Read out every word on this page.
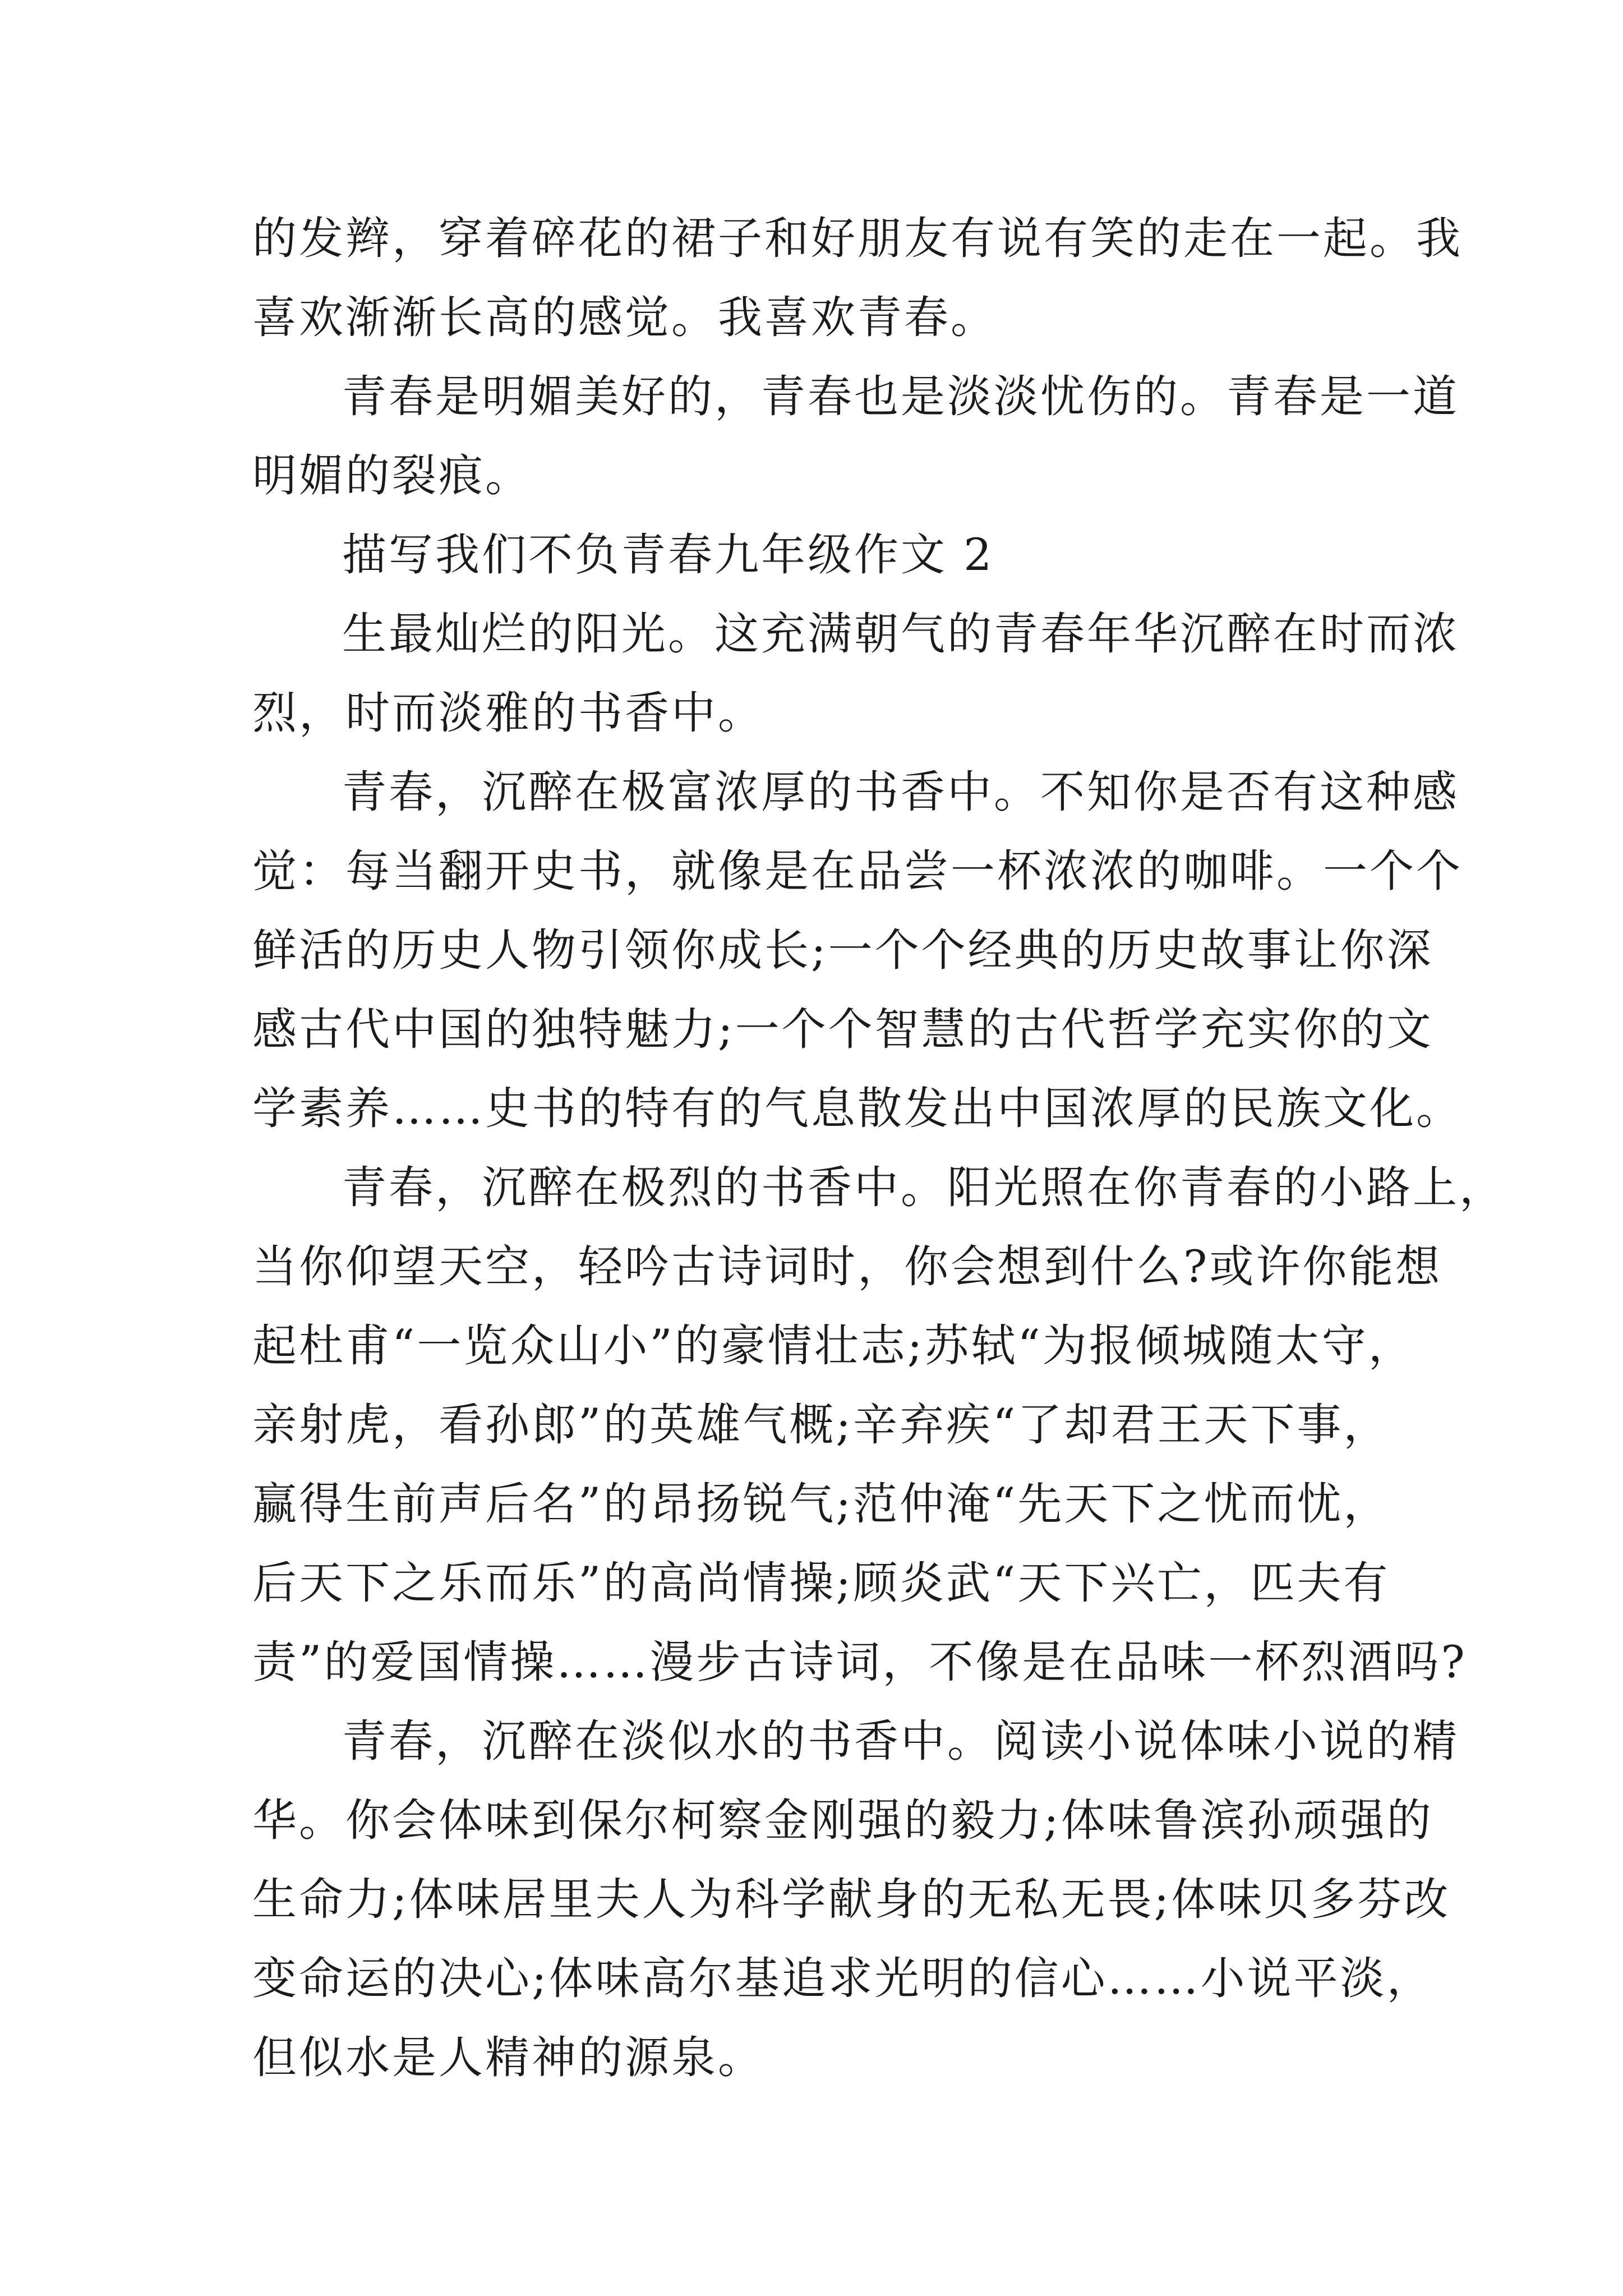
的发辫，穿着碎花的裙子和好朋友有说有笑的走在一起。我
喜欢渐渐长高的感觉。我喜欢青春。
青春是明媚美好的，青春也是淡淡忧伤的。青春是一道
明媚的裂痕。
描写我们不负青春九年级作文 2
生最灿烂的阳光。这充满朝气的青春年华沉醉在时而浓
烈，时而淡雅的书香中。
青春，沉醉在极富浓厚的书香中。不知你是否有这种感
觉：每当翻开史书，就像是在品尝一杯浓浓的咖啡。一个个
鲜活的历史人物引领你成长;一个个经典的历史故事让你深
感古代中国的独特魅力;一个个智慧的古代哲学充实你的文
学素养……史书的特有的气息散发出中国浓厚的民族文化。
青春，沉醉在极烈的书香中。阳光照在你青春的小路上，
当你仰望天空，轻吟古诗词时，你会想到什么?或许你能想
起杜甫“一览众山小”的豪情壮志;苏轼“为报倾城随太守，
亲射虎，看孙郎”的英雄气概;辛弃疾“了却君王天下事，
赢得生前声后名”的昂扬锐气;范仲淹“先天下之忧而忧，
后天下之乐而乐”的高尚情操;顾炎武“天下兴亡，匹夫有
责”的爱国情操……漫步古诗词，不像是在品味一杯烈酒吗?
青春，沉醉在淡似水的书香中。阅读小说体味小说的精
华。你会体味到保尔柯察金刚强的毅力;体味鲁滨孙顽强的
生命力;体味居里夫人为科学献身的无私无畏;体味贝多芬改
变命运的决心;体味高尔基追求光明的信心……小说平淡，
但似水是人精神的源泉。
